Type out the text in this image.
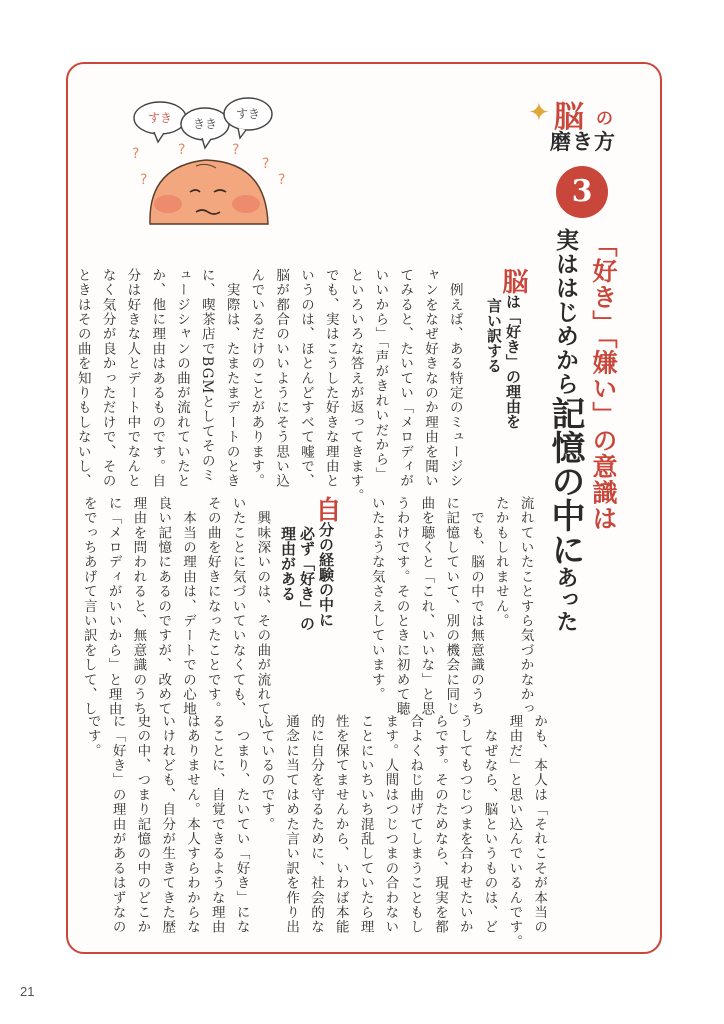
すき きき
すき
?
?
?	?
?
?
✦ 脳 の
磨き方
3
「好き」「嫌い」の意識は
実ははじめから記憶の中にあった
脳は「好き」の理由を
言い訳する

　例えば、ある特定のミュージシ

ャンをなぜ好きなのか理由を聞い

てみると、たいてい「メロディが

いいから」「声がきれいだから」

といろいろな答えが返ってきます。

でも、実はこうした好きな理由と

いうのは、ほとんどすべて嘘で、

脳が都合のいいようにそう思い込

んでいるだけのことがあります。

　実際は、たまたまデートのとき

に、喫茶店でBGMとしてそのミ

ュージシャンの曲が流れていたと

か、他に理由はあるものです。自

分は好きな人とデート中でなんと

なく気分が良かっただけで、その

ときはその曲を知りもしないし、

流れていたことすら気づかなかっ

たかもしれません。

　でも、脳の中では無意識のうち

に記憶していて、別の機会に同じ

曲を聴くと「これ、いいな」と思

うわけです。そのときに初めて聴

いたような気さえしています。

自分の経験の中に
必ず「好き」の
理由がある

　興味深いのは、その曲が流れてい

いたことに気づいていなくても、

その曲を好きになったことです。

　本当の理由は、デートでの心地

良い記憶にあるのですが、改めて

理由を問われると、無意識のうち

に「メロディがいいから」と理由

をでっちあげて言い訳をして、し

かも、本人は「それこそが本当の

理由だ」と思い込んでいるんです。

　なぜなら、脳というものは、ど

うしてもつじつまを合わせたいか

らです。そのためなら、現実を都

合よくねじ曲げてしまうこともし

ます。人間はつじつまの合わない

ことにいちいち混乱していたら理

性を保てませんから、いわば本能

的に自分を守るために、社会的な

通念に当てはめた言い訳を作り出

しているのです。

　つまり、たいてい「好き」にな

ることに、自覚できるような理由

はありません。本人すらわからな

いけれども、自分が生きてきた歴

史の中、つまり記憶の中のどこか

に「好き」の理由があるはずなの

です。

21
